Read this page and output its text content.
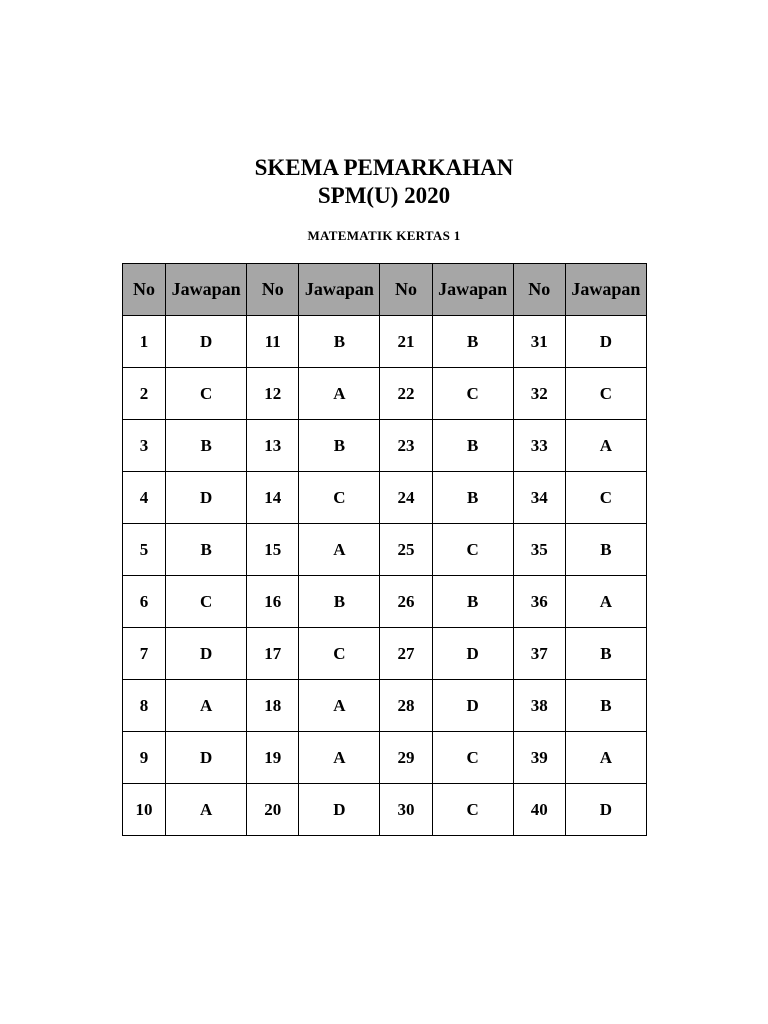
SKEMA PEMARKAHAN
SPM(U) 2020
MATEMATIK KERTAS 1
No	Jawapan	No	Jawapan	No	Jawapan	No	Jawapan
1	D	11	B	21	B	31	D
2	C	12	A	22	C	32	C
3	B	13	B	23	B	33	A
4	D	14	C	24	B	34	C
5	B	15	A	25	C	35	B
6	C	16	B	26	B	36	A
7	D	17	C	27	D	37	B
8	A	18	A	28	D	38	B
9	D	19	A	29	C	39	A
10	A	20	D	30	C	40	D
